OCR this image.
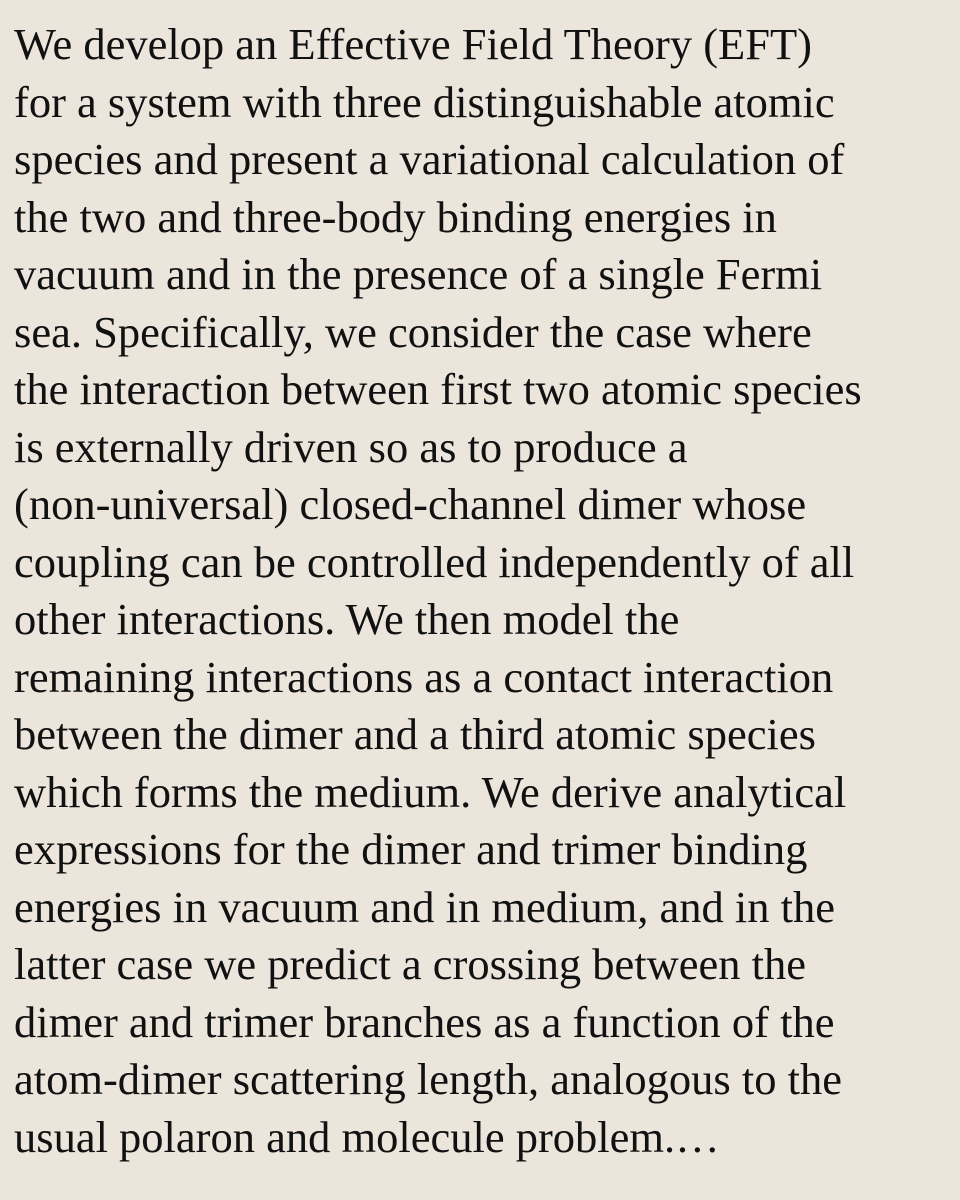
We develop an Effective Field Theory (EFT)
for a system with three distinguishable atomic
species and present a variational calculation of
the two and three-body binding energies in
vacuum and in the presence of a single Fermi
sea. Specifically, we consider the case where
the interaction between first two atomic species
is externally driven so as to produce a
(non-universal) closed-channel dimer whose
coupling can be controlled independently of all
other interactions. We then model the
remaining interactions as a contact interaction
between the dimer and a third atomic species
which forms the medium. We derive analytical
expressions for the dimer and trimer binding
energies in vacuum and in medium, and in the
latter case we predict a crossing between the
dimer and trimer branches as a function of the
atom-dimer scattering length, analogous to the
usual polaron and molecule problem.…
